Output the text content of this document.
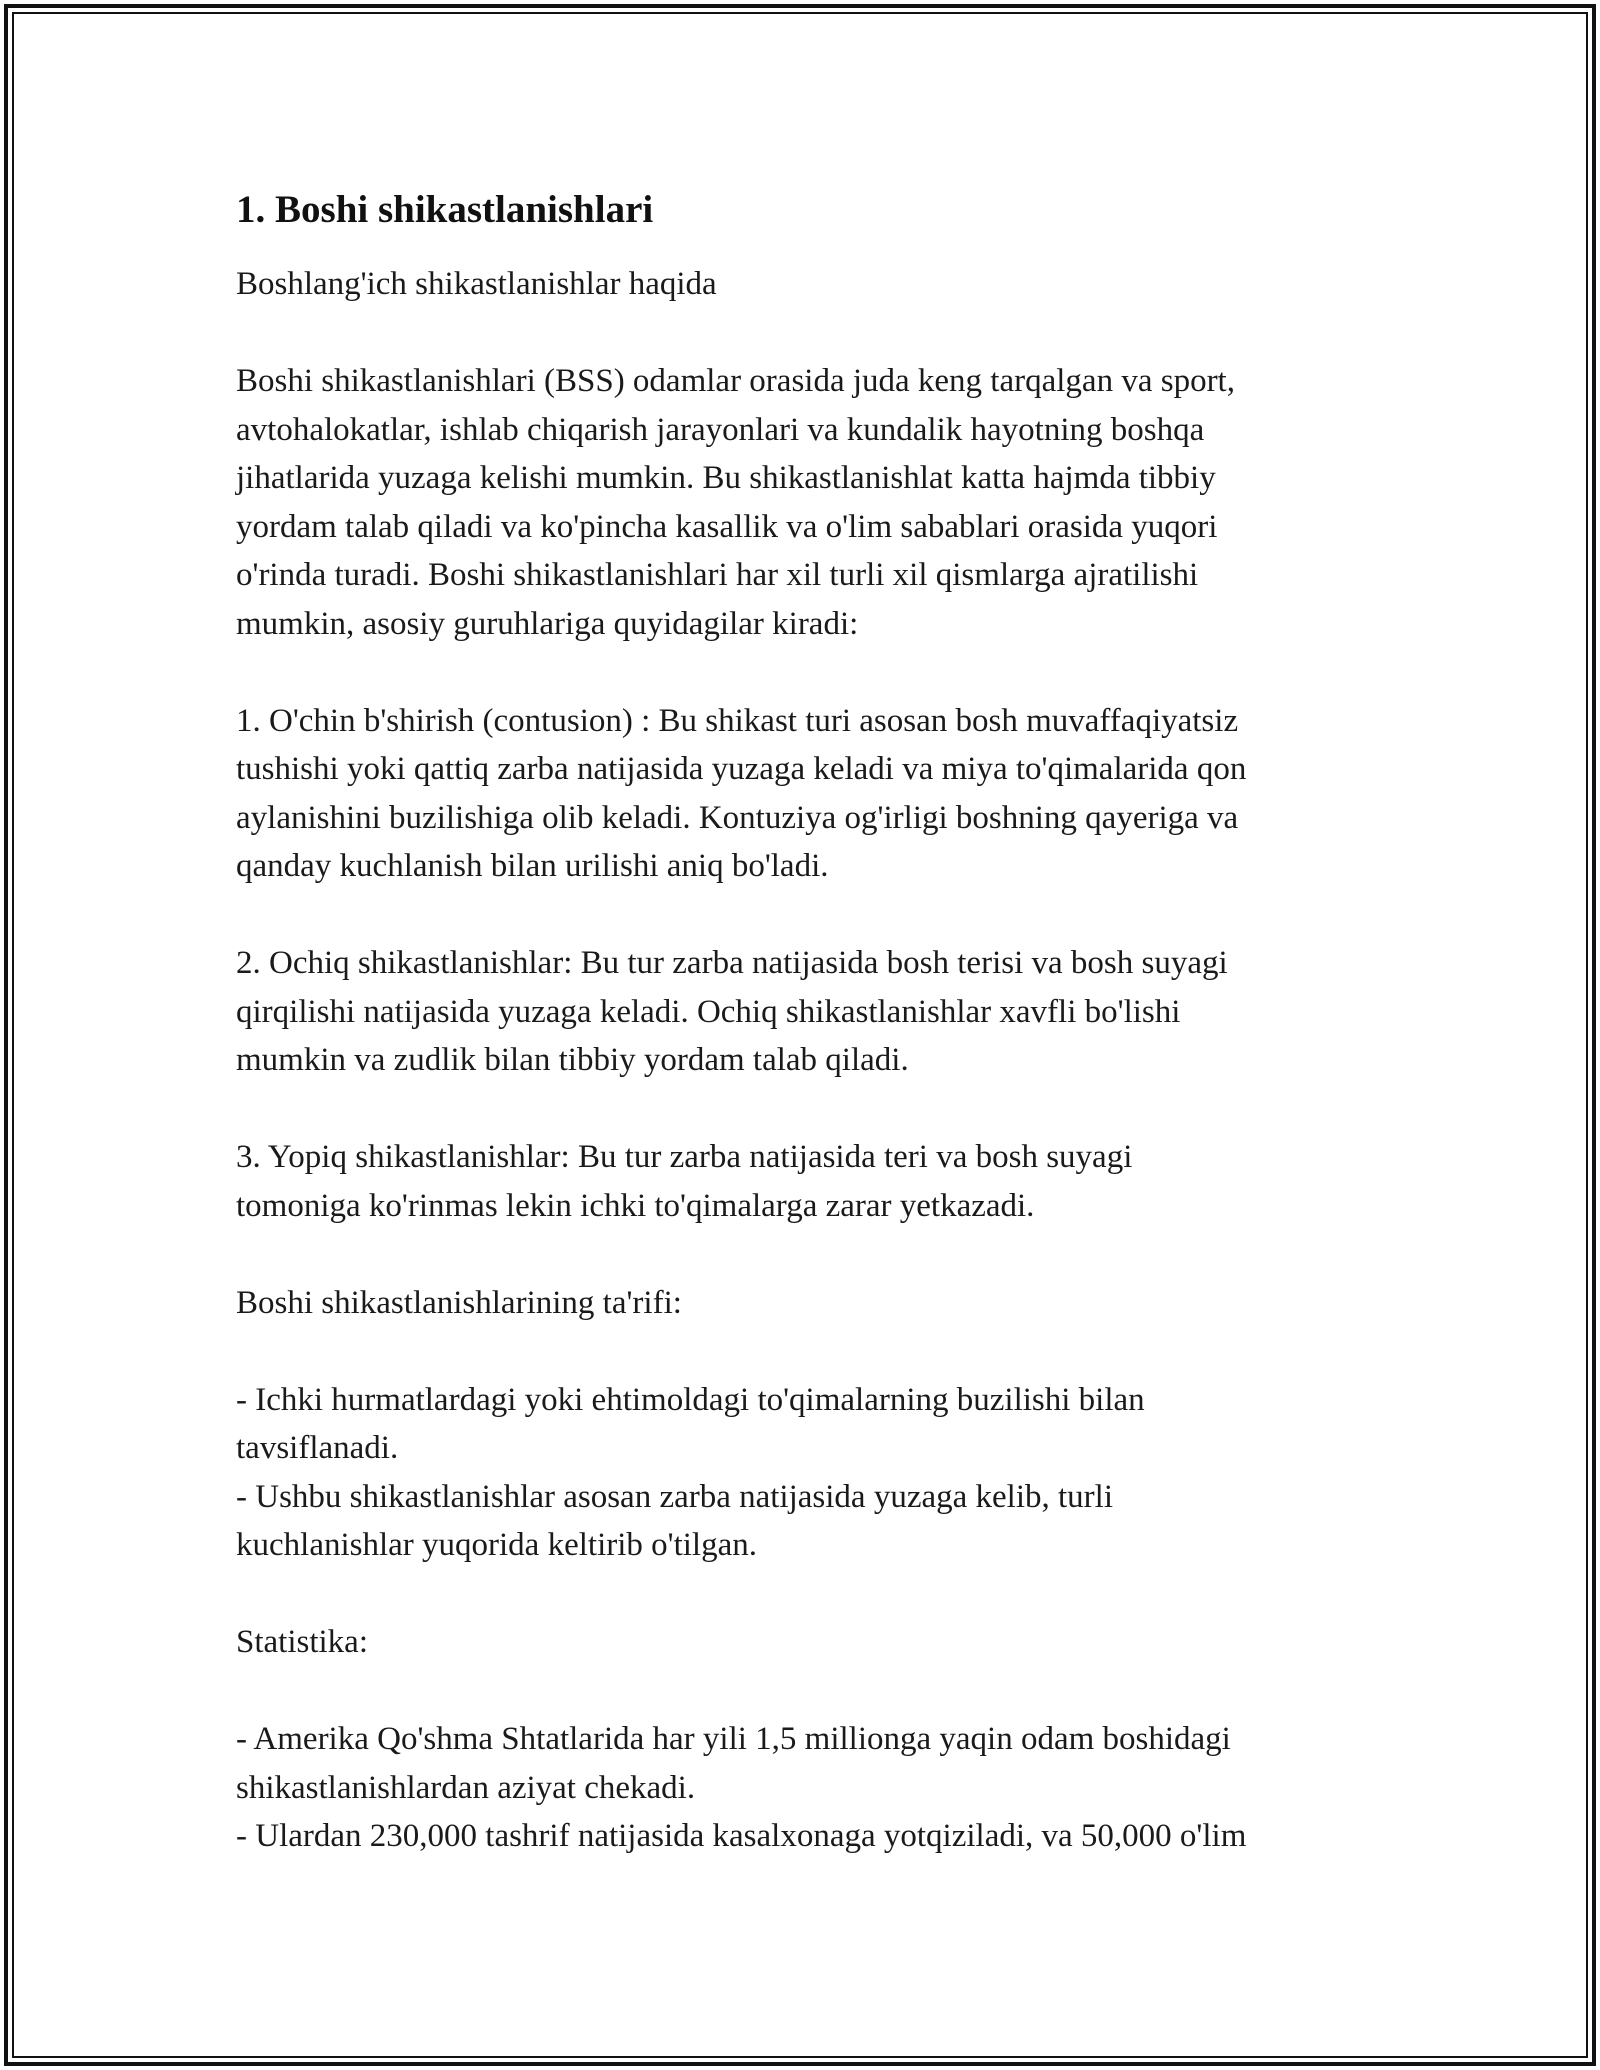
1. Boshi shikastlanishlari
Boshlang'ich shikastlanishlar haqida
Boshi shikastlanishlari (BSS) odamlar orasida juda keng tarqalgan va sport,
avtohalokatlar, ishlab chiqarish jarayonlari va kundalik hayotning boshqa
jihatlarida yuzaga kelishi mumkin. Bu shikastlanishlat katta hajmda tibbiy
yordam talab qiladi va ko'pincha kasallik va o'lim sabablari orasida yuqori
o'rinda turadi. Boshi shikastlanishlari har xil turli xil qismlarga ajratilishi
mumkin, asosiy guruhlariga quyidagilar kiradi:
1. O'chin b'shirish (contusion) : Bu shikast turi asosan bosh muvaffaqiyatsiz
tushishi yoki qattiq zarba natijasida yuzaga keladi va miya to'qimalarida qon
aylanishini buzilishiga olib keladi. Kontuziya og'irligi boshning qayeriga va
qanday kuchlanish bilan urilishi aniq bo'ladi.
2. Ochiq shikastlanishlar: Bu tur zarba natijasida bosh terisi va bosh suyagi
qirqilishi natijasida yuzaga keladi. Ochiq shikastlanishlar xavfli bo'lishi
mumkin va zudlik bilan tibbiy yordam talab qiladi.
3. Yopiq shikastlanishlar: Bu tur zarba natijasida teri va bosh suyagi
tomoniga ko'rinmas lekin ichki to'qimalarga zarar yetkazadi.
Boshi shikastlanishlarining ta'rifi:
- Ichki hurmatlardagi yoki ehtimoldagi to'qimalarning buzilishi bilan
tavsiflanadi.
- Ushbu shikastlanishlar asosan zarba natijasida yuzaga kelib, turli
kuchlanishlar yuqorida keltirib o'tilgan.
Statistika:
- Amerika Qo'shma Shtatlarida har yili 1,5 millionga yaqin odam boshidagi
shikastlanishlardan aziyat chekadi.
- Ulardan 230,000 tashrif natijasida kasalxonaga yotqiziladi, va 50,000 o'lim
